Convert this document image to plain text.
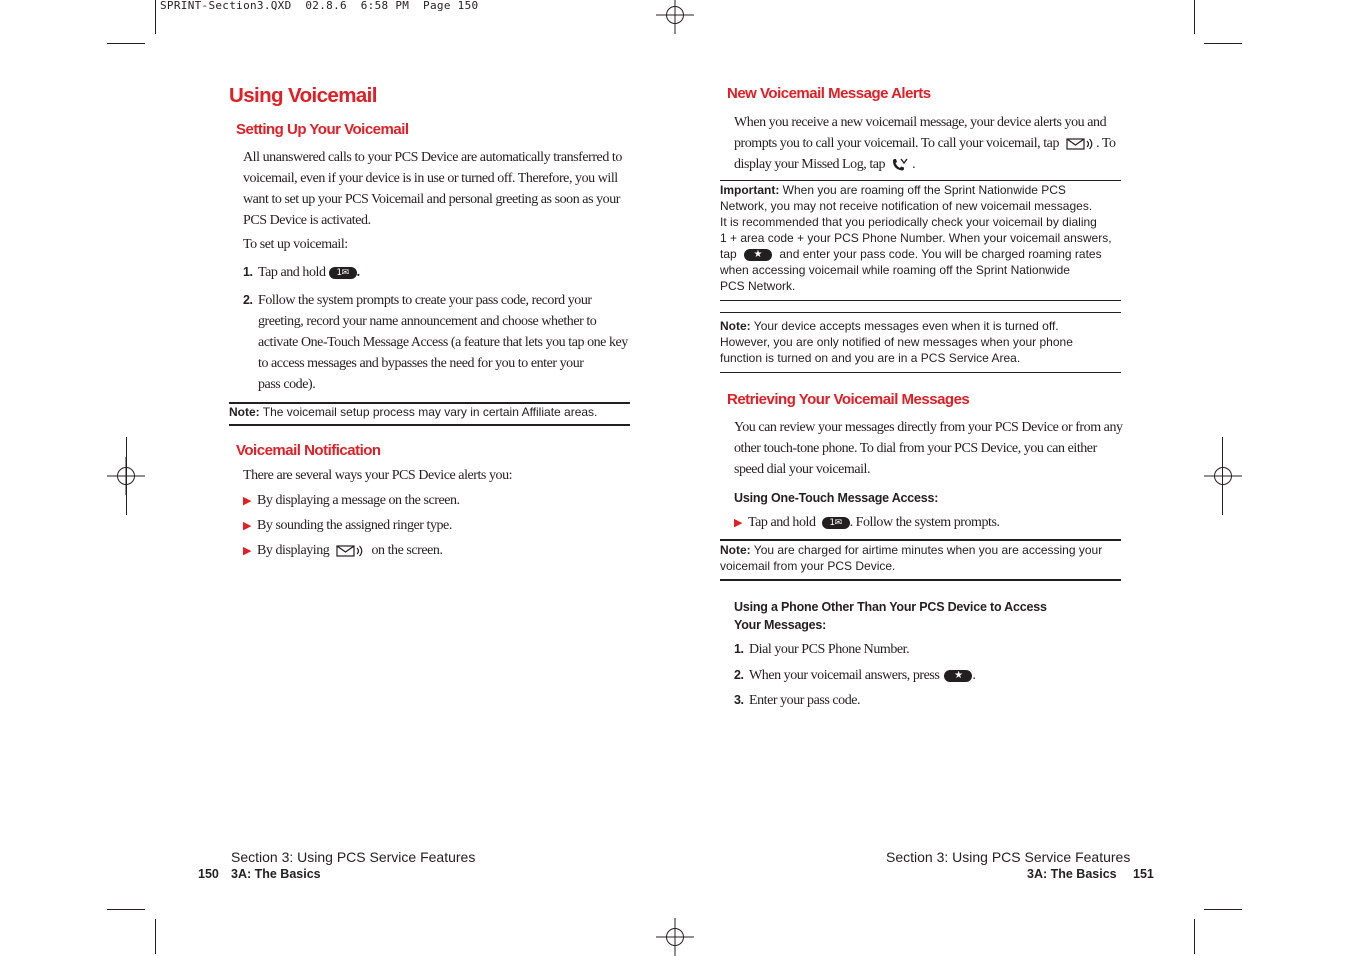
SPRINT-Section3.QXD  02.8.6  6:58 PM  Page 150
Using Voicemail
Setting Up Your Voicemail
All unanswered calls to your PCS Device are automatically transferred to
voicemail, even if your device is in use or turned off. Therefore, you will
want to set up your PCS Voicemail and personal greeting as soon as your
PCS Device is activated.
To set up voicemail:
1. Tap and hold 1✉ .
2. Follow the system prompts to create your pass code, record your
greeting, record your name announcement and choose whether to
activate One-Touch Message Access (a feature that lets you tap one key
to access messages and bypasses the need for you to enter your
pass code).
Note: The voicemail setup process may vary in certain Affiliate areas.
Voicemail Notification
There are several ways your PCS Device alerts you:
▶ By displaying a message on the screen.
▶ By sounding the assigned ringer type.
▶ By displaying	on the screen.
Section 3: Using PCS Service Features
150 3A: The Basics
New Voicemail Message Alerts
When you receive a new voicemail message, your device alerts you and
prompts you to call your voicemail. To call your voicemail, tap	. To
display your Missed Log, tap .
Important: When you are roaming off the Sprint Nationwide PCS
Network, you may not receive notification of new voicemail messages.
It is recommended that you periodically check your voicemail by dialing
1 + area code + your PCS Phone Number. When your voicemail answers,
tap ★ and enter your pass code. You will be charged roaming rates
when accessing voicemail while roaming off the Sprint Nationwide
PCS Network.
Note: Your device accepts messages even when it is turned off.
However, you are only notified of new messages when your phone
function is turned on and you are in a PCS Service Area.
Retrieving Your Voicemail Messages
You can review your messages directly from your PCS Device or from any
other touch-tone phone. To dial from your PCS Device, you can either
speed dial your voicemail.
Using One-Touch Message Access:
▶ Tap and hold 1✉ . Follow the system prompts.
Note: You are charged for airtime minutes when you are accessing your
voicemail from your PCS Device.
Using a Phone Other Than Your PCS Device to Access
Your Messages:
1. Dial your PCS Phone Number.
2. When your voicemail answers, press ★ .
3. Enter your pass code.
Section 3: Using PCS Service Features
3A: The Basics 151
